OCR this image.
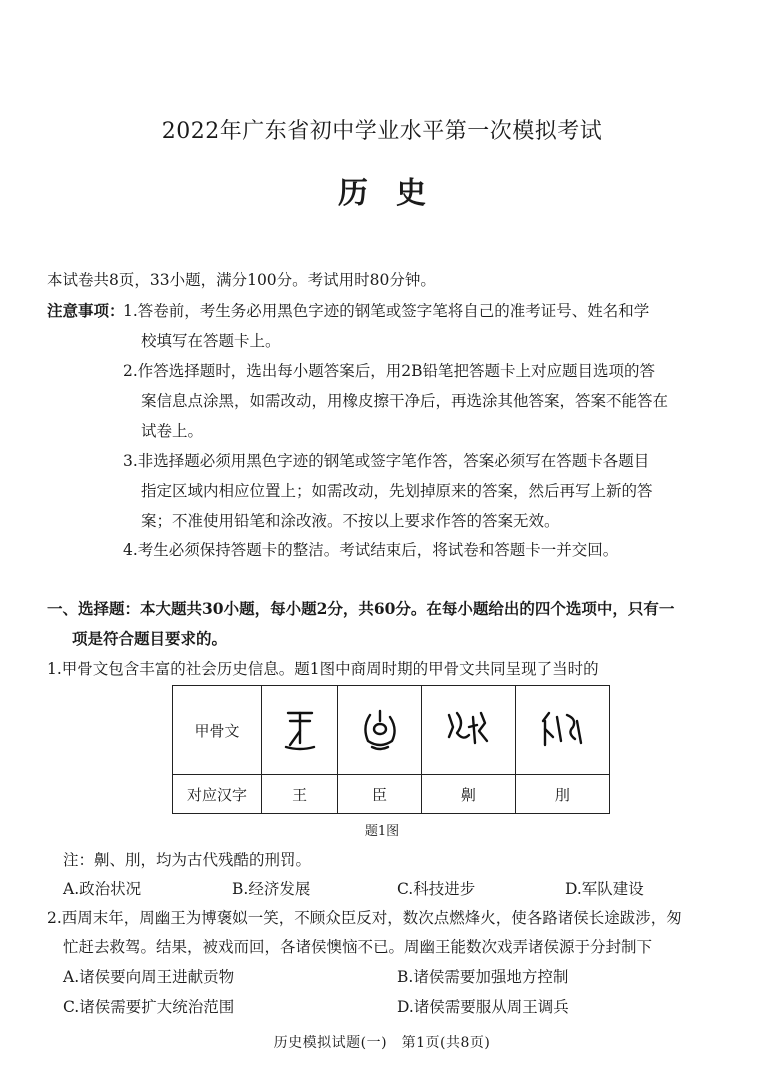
2022年广东省初中学业水平第一次模拟考试
历史
本试卷共8页，33小题，满分100分。考试用时80分钟。
注意事项：
1.答卷前，考生务必用黑色字迹的钢笔或签字笔将自己的准考证号、姓名和学
校填写在答题卡上。
2.作答选择题时，选出每小题答案后，用2B铅笔把答题卡上对应题目选项的答
案信息点涂黑，如需改动，用橡皮擦干净后，再选涂其他答案，答案不能答在
试卷上。
3.非选择题必须用黑色字迹的钢笔或签字笔作答，答案必须写在答题卡各题目
指定区域内相应位置上；如需改动，先划掉原来的答案，然后再写上新的答
案；不准使用铅笔和涂改液。不按以上要求作答的答案无效。
4.考生必须保持答题卡的整洁。考试结束后，将试卷和答题卡一并交回。
一、选择题：本大题共30小题，每小题2分，共60分。在每小题给出的四个选项中，只有一
项是符合题目要求的。
1.甲骨文包含丰富的社会历史信息。题1图中商周时期的甲骨文共同呈现了当时的
甲骨文	

对应汉字	王	臣	劓	刖
题1图
注：劓、刖，均为古代残酷的刑罚。
A.政治状况	B.经济发展	C.科技进步	D.军队建设
2.西周末年，周幽王为博褒姒一笑，不顾众臣反对，数次点燃烽火，使各路诸侯长途跋涉，匆
忙赶去救驾。结果，被戏而回，各诸侯懊恼不已。周幽王能数次戏弄诸侯源于分封制下
A.诸侯要向周王进献贡物	B.诸侯需要加强地方控制
C.诸侯需要扩大统治范围	D.诸侯需要服从周王调兵
历史模拟试题(一)　第1页(共8页)
